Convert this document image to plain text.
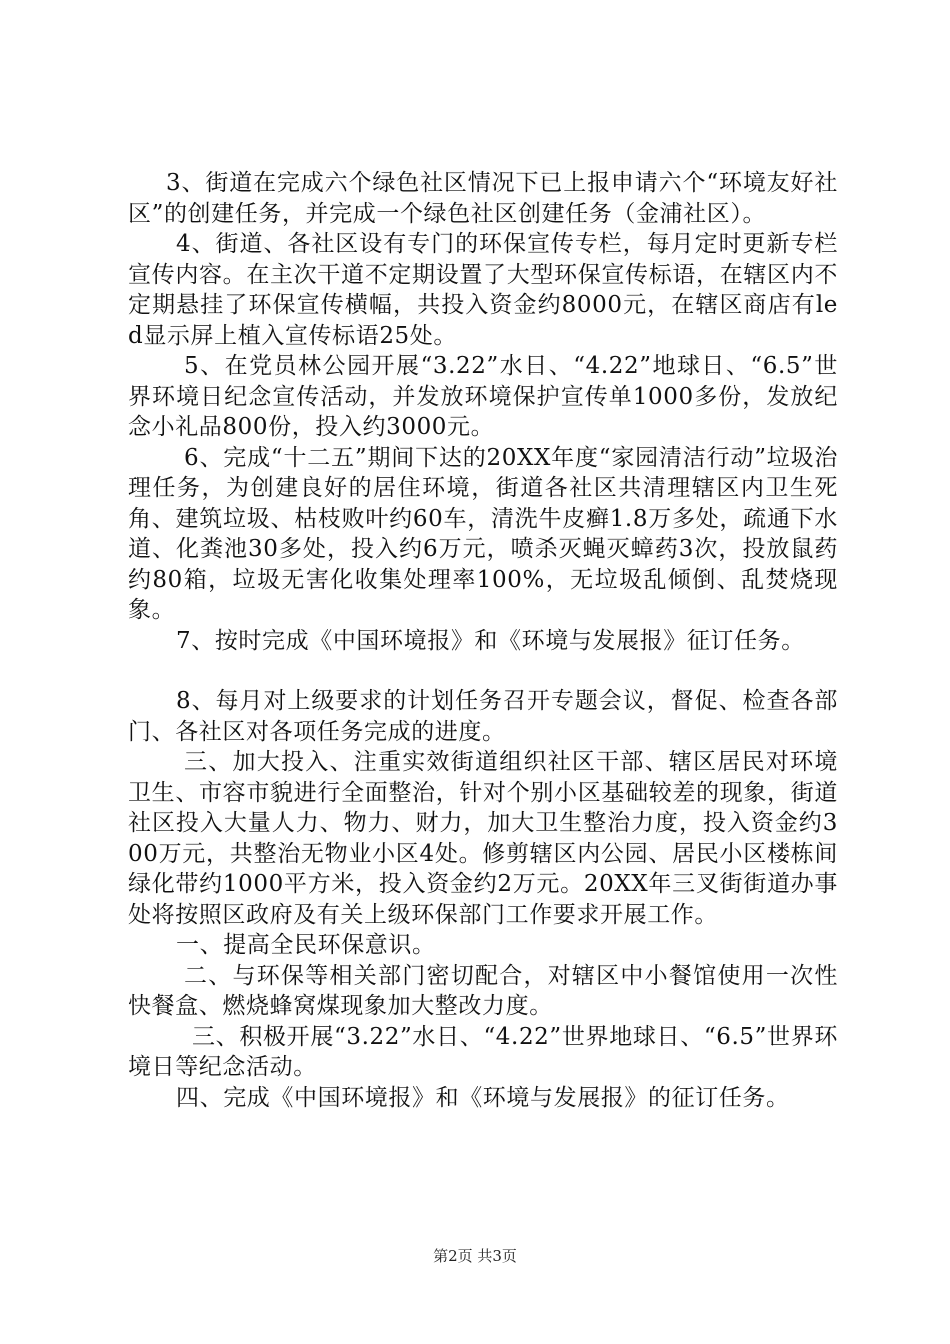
3、街道在完成六个绿色社区情况下已上报申请六个“环境友好社区”的创建任务，并完成一个绿色社区创建任务（金浦社区）。

4、街道、各社区设有专门的环保宣传专栏，每月定时更新专栏宣传内容。在主次干道不定期设置了大型环保宣传标语，在辖区内不定期悬挂了环保宣传横幅，共投入资金约8000元，在辖区商店有led显示屏上植入宣传标语25处。

5、在党员林公园开展“3.22”水日、“4.22”地球日、“6.5”世界环境日纪念宣传活动，并发放环境保护宣传单1000多份，发放纪念小礼品800份，投入约3000元。

6、完成“十二五”期间下达的20XX年度“家园清洁行动”垃圾治理任务，为创建良好的居住环境，街道各社区共清理辖区内卫生死角、建筑垃圾、枯枝败叶约60车，清洗牛皮癣1.8万多处，疏通下水道、化粪池30多处，投入约6万元，喷杀灭蝇灭蟑药3次，投放鼠药约80箱，垃圾无害化收集处理率100%，无垃圾乱倾倒、乱焚烧现象。

7、按时完成《中国环境报》和《环境与发展报》征订任务。

8、每月对上级要求的计划任务召开专题会议，督促、检查各部门、各社区对各项任务完成的进度。

三、加大投入、注重实效街道组织社区干部、辖区居民对环境卫生、市容市貌进行全面整治，针对个别小区基础较差的现象，街道社区投入大量人力、物力、财力，加大卫生整治力度，投入资金约300万元，共整治无物业小区4处。修剪辖区内公园、居民小区楼栋间绿化带约1000平方米，投入资金约2万元。20XX年三叉街街道办事处将按照区政府及有关上级环保部门工作要求开展工作。

一、提高全民环保意识。

二、与环保等相关部门密切配合，对辖区中小餐馆使用一次性快餐盒、燃烧蜂窝煤现象加大整改力度。

三、积极开展“3.22”水日、“4.22”世界地球日、“6.5”世界环境日等纪念活动。

四、完成《中国环境报》和《环境与发展报》的征订任务。

第2页 共3页
